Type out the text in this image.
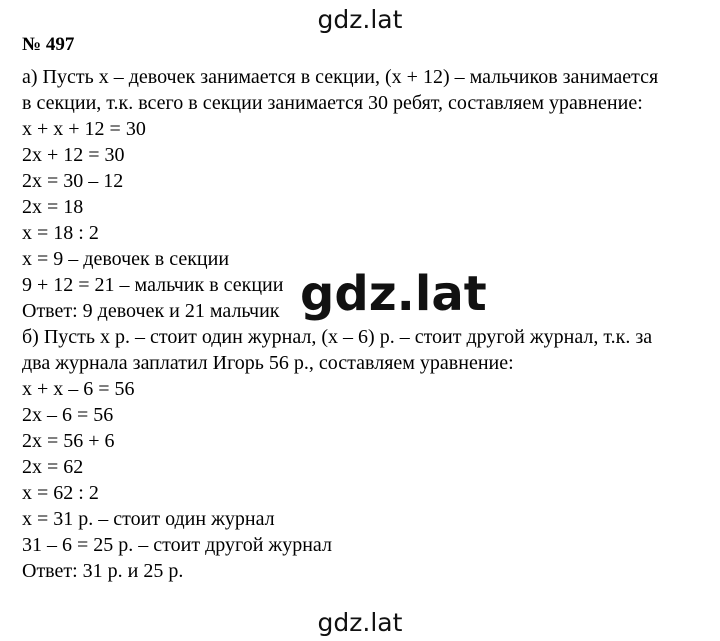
gdz.lat
№ 497
а) Пусть х – девочек занимается в секции, (х + 12) – мальчиков занимается
в секции, т.к. всего в секции занимается 30 ребят, составляем уравнение:
х + х + 12 = 30
2х + 12 = 30
2х = 30 – 12
2х = 18
х = 18 : 2
х = 9 – девочек в секции
9 + 12 = 21 – мальчик в секции
Ответ: 9 девочек и 21 мальчик
б) Пусть х р. – стоит один журнал, (х – 6) р. – стоит другой журнал, т.к. за
два журнала заплатил Игорь 56 р., составляем уравнение:
х + х – 6 = 56
2х – 6 = 56
2х = 56 + 6
2х = 62
х = 62 : 2
х = 31 р. – стоит один журнал
31 – 6 = 25 р. – стоит другой журнал
Ответ: 31 р. и 25 р.
gdz.lat
gdz.lat
